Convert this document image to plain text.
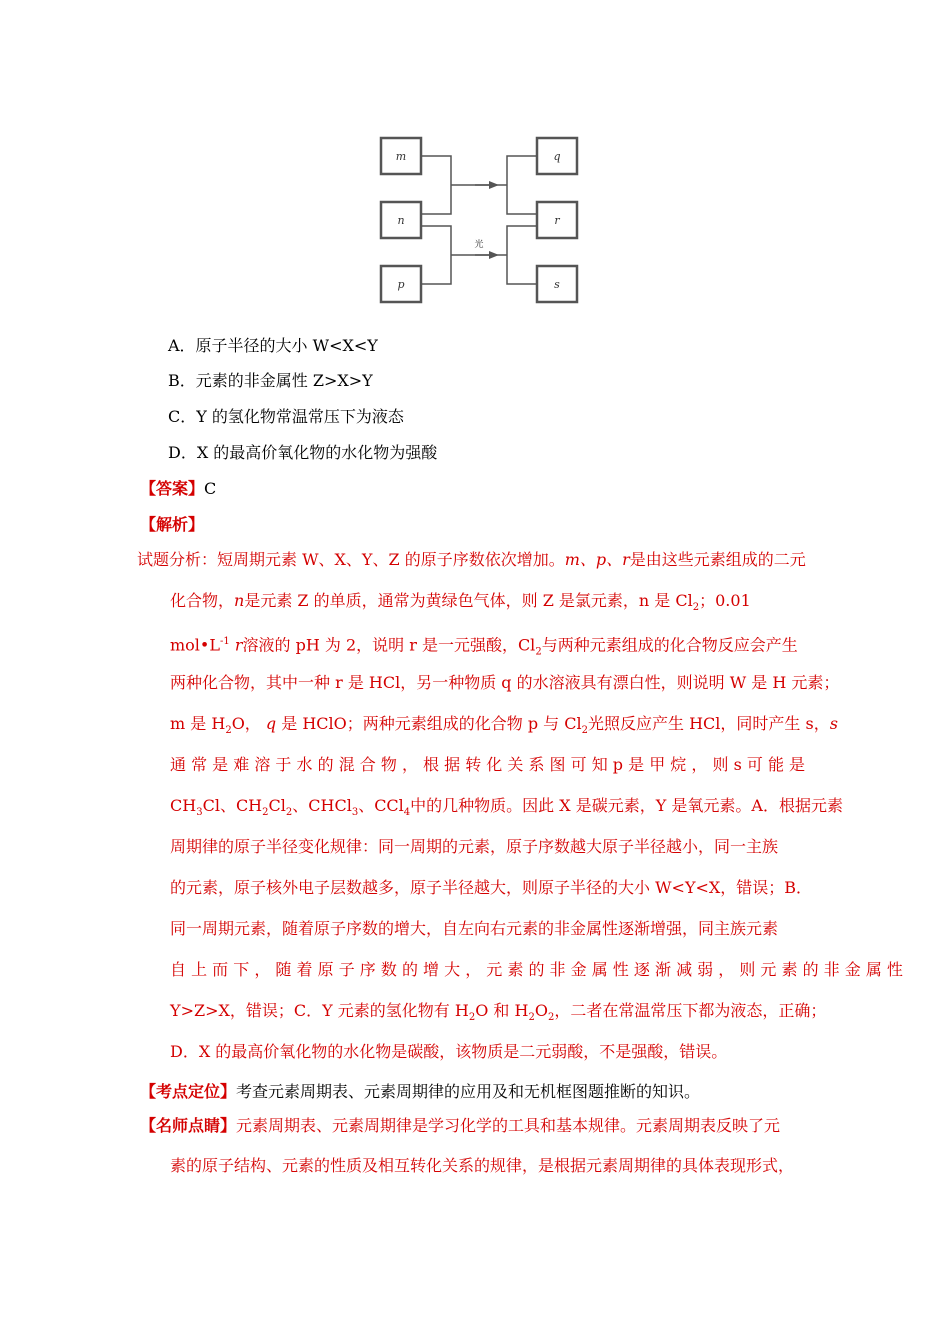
m
n
p
q
r
s
光
A．原子半径的大小 W<X<Y
B．元素的非金属性 Z>X>Y
C．Y 的氢化物常温常压下为液态
D．X 的最高价氧化物的水化物为强酸
【答案】C
【解析】
试题分析：短周期元素 W、X、Y、Z 的原子序数依次增加。m、p、r是由这些元素组成的二元
化合物，n是元素 Z 的单质，通常为黄绿色气体，则 Z 是氯元素，n 是 $Cl_2$；0.01
$mol•L^{-1}$ r溶液的 pH 为 2，说明 r 是一元强酸，$Cl_2$与两种元素组成的化合物反应会产生
两种化合物，其中一种 r 是 HCl，另一种物质 q 的水溶液具有漂白性，则说明 W 是 H 元素；
m 是 $H_2O$， q 是 HClO；两种元素组成的化合物 p 与 $Cl_2$光照反应产生 HCl，同时产生 s，s
通 常 是 难 溶 于 水 的 混 合 物 ， 根 据 转 化 关 系 图 可 知 p 是 甲 烷 ， 则 s 可 能 是
$CH_3Cl$、$CH_2Cl_2$、CHCl$_3$、CCl$_4$中的几种物质。因此 X 是碳元素，Y 是氧元素。A．根据元素
周期律的原子半径变化规律：同一周期的元素，原子序数越大原子半径越小，同一主族
的元素，原子核外电子层数越多，原子半径越大，则原子半径的大小 W<Y<X，错误；B．
同一周期元素，随着原子序数的增大，自左向右元素的非金属性逐渐增强，同主族元素
自 上 而 下 ， 随 着 原 子 序 数 的 增 大 ， 元 素 的 非 金 属 性 逐 渐 减 弱 ， 则 元 素 的 非 金 属 性
Y>Z>X，错误；C．Y 元素的氢化物有 $H_2O$ 和 $H_2O_2$，二者在常温常压下都为液态，正确；
D．X 的最高价氧化物的水化物是碳酸，该物质是二元弱酸，不是强酸，错误。
【考点定位】考查元素周期表、元素周期律的应用及和无机框图题推断的知识。
【名师点睛】元素周期表、元素周期律是学习化学的工具和基本规律。元素周期表反映了元
素的原子结构、元素的性质及相互转化关系的规律，是根据元素周期律的具体表现形式，
